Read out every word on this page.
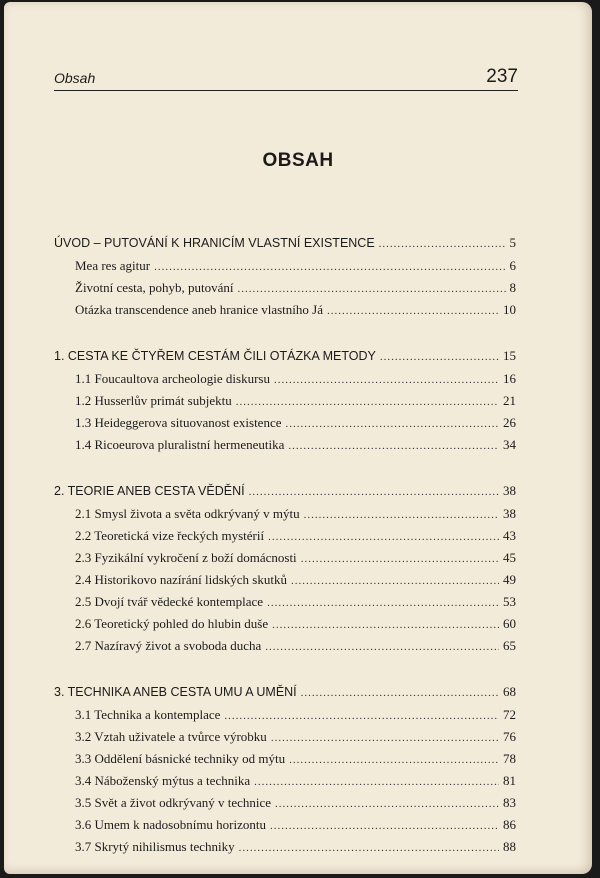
Obsah	237
OBSAH
ÚVOD – PUTOVÁNÍ K HRANICÍM VLASTNÍ EXISTENCE .....	5
Mea res agitur .....	6
Životní cesta, pohyb, putování .....	8
Otázka transcendence aneb hranice vlastního Já .....	10
1. CESTA KE ČTYŘEM CESTÁM ČILI OTÁZKA METODY .....	15
1.1 Foucaultova archeologie diskursu .....	16
1.2 Husserlův primát subjektu .....	21
1.3 Heideggerova situovanost existence .....	26
1.4 Ricoeurova pluralistní hermeneutika .....	34
2. TEORIE ANEB CESTA VĚDĚNÍ .....	38
2.1 Smysl života a světa odkrývaný v mýtu .....	38
2.2 Teoretická vize řeckých mystérií .....	43
2.3 Fyzikální vykročení z boží domácnosti .....	45
2.4 Historikovo nazírání lidských skutků .....	49
2.5 Dvojí tvář vědecké kontemplace .....	53
2.6 Teoretický pohled do hlubin duše .....	60
2.7 Nazíravý život a svoboda ducha .....	65
3. TECHNIKA ANEB CESTA UMU A UMĚNÍ .....	68
3.1 Technika a kontemplace .....	72
3.2 Vztah uživatele a tvůrce výrobku .....	76
3.3 Oddělení básnické techniky od mýtu .....	78
3.4 Náboženský mýtus a technika .....	81
3.5 Svět a život odkrývaný v technice .....	83
3.6 Umem k nadosobnímu horizontu .....	86
3.7 Skrytý nihilismus techniky .....	88
